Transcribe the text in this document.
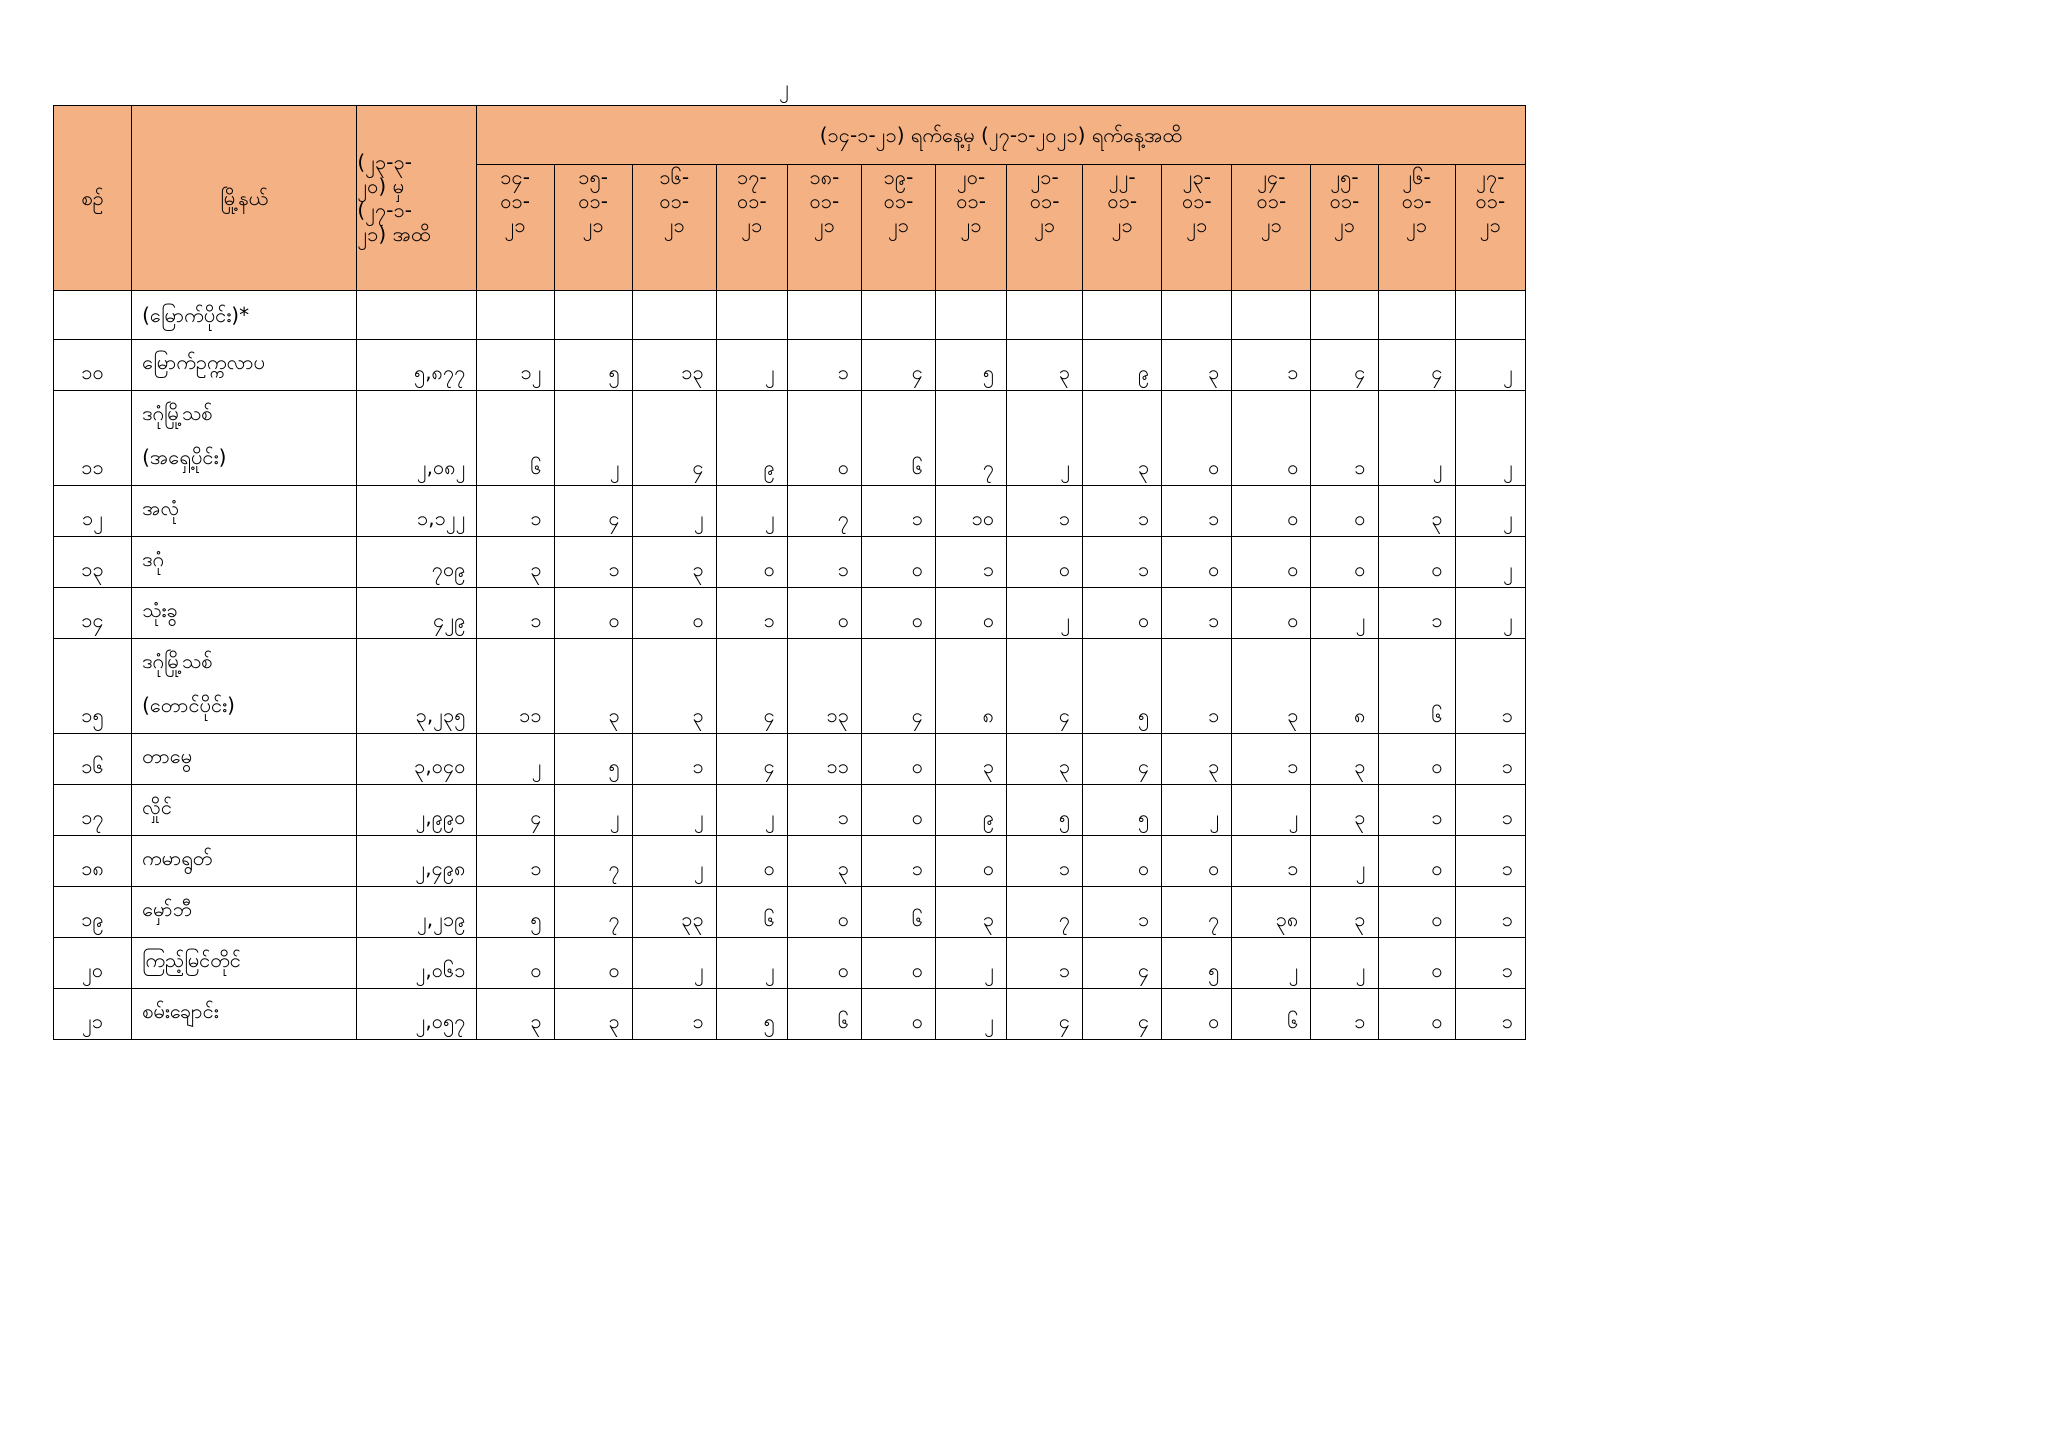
၂
စဉ်	မြို့နယ်	(၂၃-၃-
၂၀) မှ
(၂၇-၁-
၂၁) အထိ	(၁၄-၁-၂၁) ရက်နေ့မှ (၂၇-၁-၂၀၂၁) ရက်နေ့အထိ													

			၁၄-
၀၁-
၂၁	၁၅-
၀၁-
၂၁	၁၆-
၀၁-
၂၁	၁၇-
၀၁-
၂၁	၁၈-
၀၁-
၂၁	၁၉-
၀၁-
၂၁	၂၀-
၀၁-
၂၁	၂၁-
၀၁-
၂၁	၂၂-
၀၁-
၂၁	၂၃-
၀၁-
၂၁	၂၄-
၀၁-
၂၁	၂၅-
၀၁-
၂၁	၂၆-
၀၁-
၂၁	၂၇-
၀၁-
၂၁

	(မြောက်ပိုင်း)*															
၁၀	မြောက်ဥက္ကလာပ	၅,၈၇၇	၁၂	၅	၁၃	၂	၁	၄	၅	၃	၉	၃	၁	၄	၄	၂
၁၁	ဒဂုံမြို့သစ်
(အရှေ့ပိုင်း)	၂,၀၈၂	၆	၂	၄	၉	၀	၆	၇	၂	၃	၀	၀	၁	၂	၂
၁၂	အလုံ	၁,၁၂၂	၁	၄	၂	၂	၇	၁	၁၀	၁	၁	၁	၀	၀	၃	၂
၁၃	ဒဂုံ	၇၀၉	၃	၁	၃	၀	၁	၀	၁	၀	၁	၀	၀	၀	၀	၂
၁၄	သုံးခွ	၄၂၉	၁	၀	၀	၁	၀	၀	၀	၂	၀	၁	၀	၂	၁	၂
၁၅	ဒဂုံမြို့သစ်
(တောင်ပိုင်း)	၃,၂၃၅	၁၁	၃	၃	၄	၁၃	၄	၈	၄	၅	၁	၃	၈	၆	၁
၁၆	တာမွေ	၃,၀၄၀	၂	၅	၁	၄	၁၁	၀	၃	၃	၄	၃	၁	၃	၀	၁
၁၇	လှိုင်	၂,၉၉၀	၄	၂	၂	၂	၁	၀	၉	၅	၅	၂	၂	၃	၁	၁
၁၈	ကမာရွတ်	၂,၄၉၈	၁	၇	၂	၀	၃	၁	၀	၁	၀	၀	၁	၂	၀	၁
၁၉	မှော်ဘီ	၂,၂၁၉	၅	၇	၃၃	၆	၀	၆	၃	၇	၁	၇	၃၈	၃	၀	၁
၂၀	ကြည့်မြင်တိုင်	၂,၀၆၁	၀	၀	၂	၂	၀	၀	၂	၁	၄	၅	၂	၂	၀	၁
၂၁	စမ်းချောင်း	၂,၀၅၇	၃	၃	၁	၅	၆	၀	၂	၄	၄	၀	၆	၁	၀	၁
